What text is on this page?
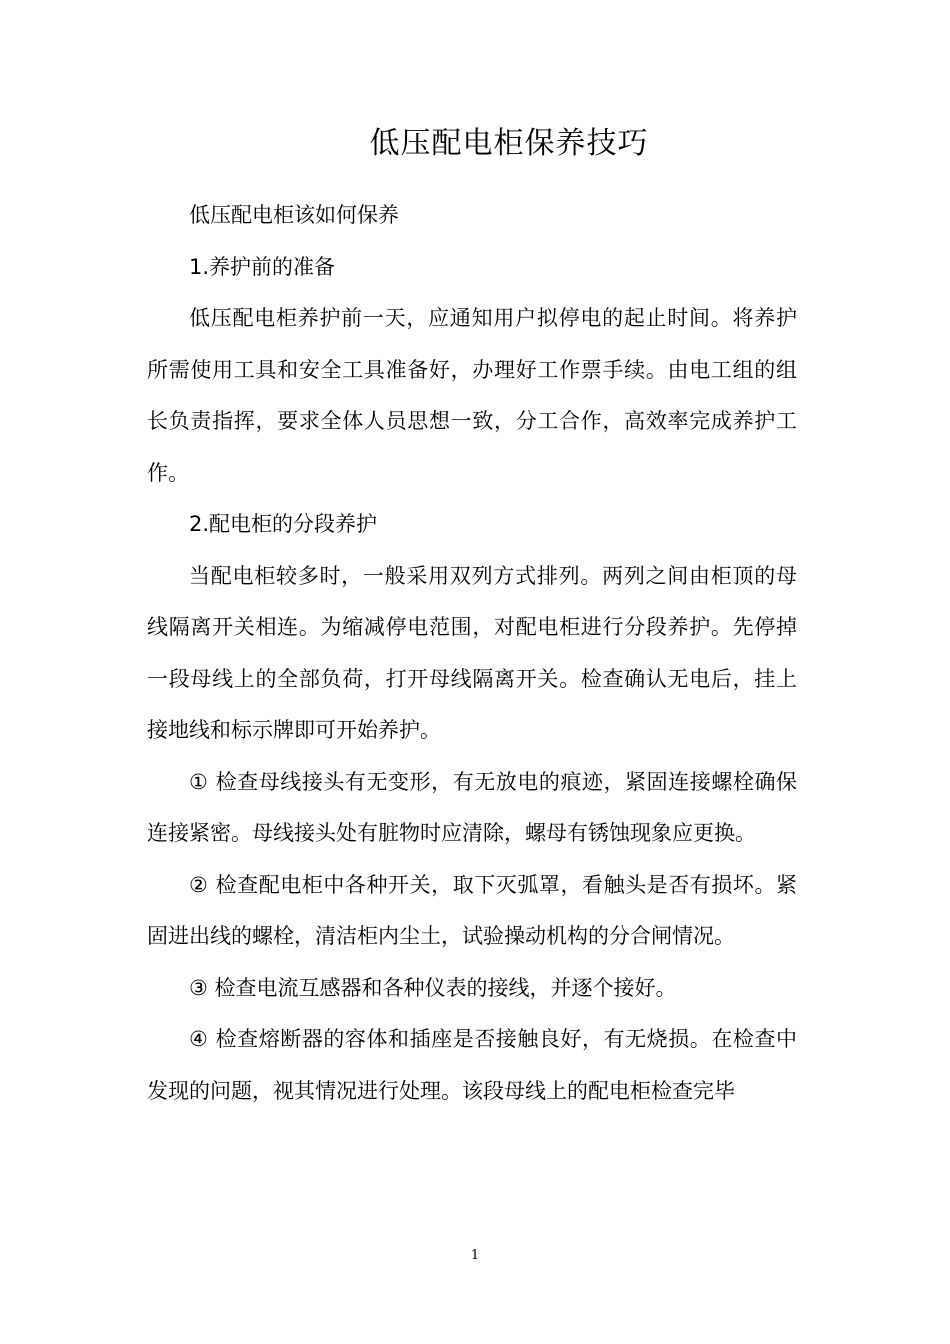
低压配电柜保养技巧

低压配电柜该如何保养

1.养护前的准备

低压配电柜养护前一天，应通知用户拟停电的起止时间。将养护所需使用工具和安全工具准备好，办理好工作票手续。由电工组的组长负责指挥，要求全体人员思想一致，分工合作，高效率完成养护工作。

2.配电柜的分段养护

当配电柜较多时，一般采用双列方式排列。两列之间由柜顶的母线隔离开关相连。为缩减停电范围，对配电柜进行分段养护。先停掉一段母线上的全部负荷，打开母线隔离开关。检查确认无电后，挂上接地线和标示牌即可开始养护。

① 检查母线接头有无变形，有无放电的痕迹，紧固连接螺栓确保连接紧密。母线接头处有脏物时应清除，螺母有锈蚀现象应更换。

② 检查配电柜中各种开关，取下灭弧罩，看触头是否有损坏。紧固进出线的螺栓，清洁柜内尘土，试验操动机构的分合闸情况。

③ 检查电流互感器和各种仪表的接线，并逐个接好。

④ 检查熔断器的容体和插座是否接触良好，有无烧损。在检查中发现的问题，视其情况进行处理。该段母线上的配电柜检查完毕

1
